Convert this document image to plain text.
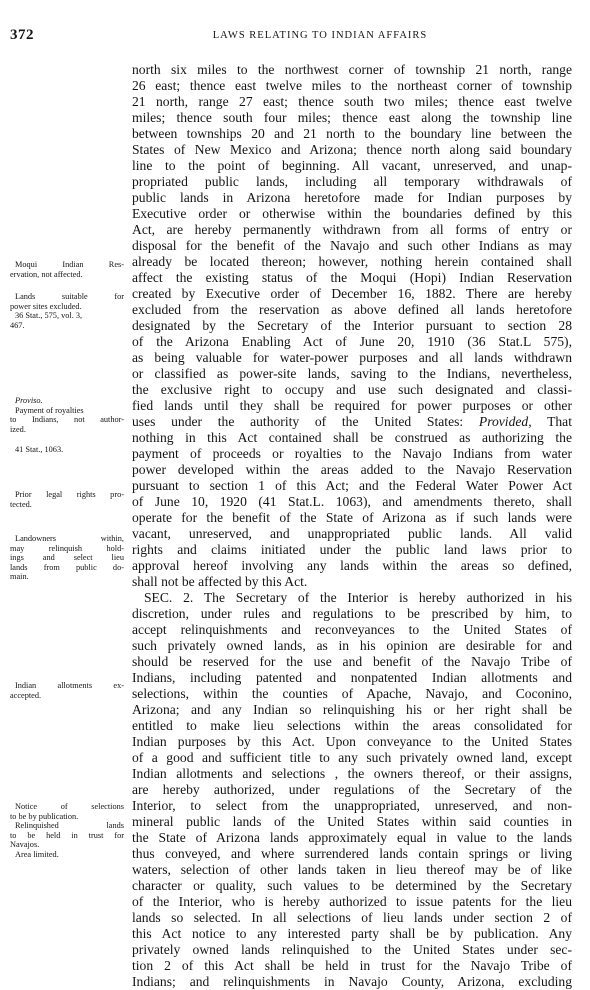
372	LAWS RELATING TO INDIAN AFFAIRS
north six miles to the northwest corner of township 21 north, range
26 east; thence east twelve miles to the northeast corner of township
21 north, range 27 east; thence south two miles; thence east twelve
miles; thence south four miles; thence east along the township line
between townships 20 and 21 north to the boundary line between the
States of New Mexico and Arizona; thence north along said boundary
line to the point of beginning. All vacant, unreserved, and unap-
propriated public lands, including all temporary withdrawals of
public lands in Arizona heretofore made for Indian purposes by
Executive order or otherwise within the boundaries defined by this
Act, are hereby permanently withdrawn from all forms of entry or
disposal for the benefit of the Navajo and such other Indians as may
already be located thereon; however, nothing herein contained shall
affect the existing status of the Moqui (Hopi) Indian Reservation
created by Executive order of December 16, 1882. There are hereby
excluded from the reservation as above defined all lands heretofore
designated by the Secretary of the Interior pursuant to section 28
of the Arizona Enabling Act of June 20, 1910 (36 Stat.L 575),
as being valuable for water-power purposes and all lands withdrawn
or classified as power-site lands, saving to the Indians, nevertheless,
the exclusive right to occupy and use such designated and classi-
fied lands until they shall be required for power purposes or other
uses under the authority of the United States: Provided, That
nothing in this Act contained shall be construed as authorizing the
payment of proceeds or royalties to the Navajo Indians from water
power developed within the areas added to the Navajo Reservation
pursuant to section 1 of this Act; and the Federal Water Power Act
of June 10, 1920 (41 Stat.L. 1063), and amendments thereto, shall
operate for the benefit of the State of Arizona as if such lands were
vacant, unreserved, and unappropriated public lands. All valid
rights and claims initiated under the public land laws prior to
approval hereof involving any lands within the areas so defined,
shall not be affected by this Act.
SEC. 2. The Secretary of the Interior is hereby authorized in his
discretion, under rules and regulations to be prescribed by him, to
accept relinquishments and reconveyances to the United States of
such privately owned lands, as in his opinion are desirable for and
should be reserved for the use and benefit of the Navajo Tribe of
Indians, including patented and nonpatented Indian allotments and
selections, within the counties of Apache, Navajo, and Coconino,
Arizona; and any Indian so relinquishing his or her right shall be
entitled to make lieu selections within the areas consolidated for
Indian purposes by this Act. Upon conveyance to the United States
of a good and sufficient title to any such privately owned land, except
Indian allotments and selections , the owners thereof, or their assigns,
are hereby authorized, under regulations of the Secretary of the
Interior, to select from the unappropriated, unreserved, and non-
mineral public lands of the United States within said counties in
the State of Arizona lands approximately equal in value to the lands
thus conveyed, and where surrendered lands contain springs or living
waters, selection of other lands taken in lieu thereof may be of like
character or quality, such values to be determined by the Secretary
of the Interior, who is hereby authorized to issue patents for the lieu
lands so selected. In all selections of lieu lands under section 2 of
this Act notice to any interested party shall be by publication. Any
privately owned lands relinquished to the United States under sec-
tion 2 of this Act shall be held in trust for the Navajo Tribe of
Indians; and relinquishments in Navajo County, Arizona, excluding
Moqui Indian Res-
ervation, not affected.
Lands suitable for
power sites excluded.
36 Stat., 575, vol. 3,
467.
Proviso.
Payment of royalties
to Indians, not author-
ized.
41 Stat., 1063.
Prior legal rights pro-
tected.
Landowners within,
may relinquish hold-
ings and select lieu
lands from public do-
main.
Indian allotments ex-
accepted.
Notice of selections
to be by publication.
Relinquished lands
to be held in trust for
Navajos.
Area limited.
